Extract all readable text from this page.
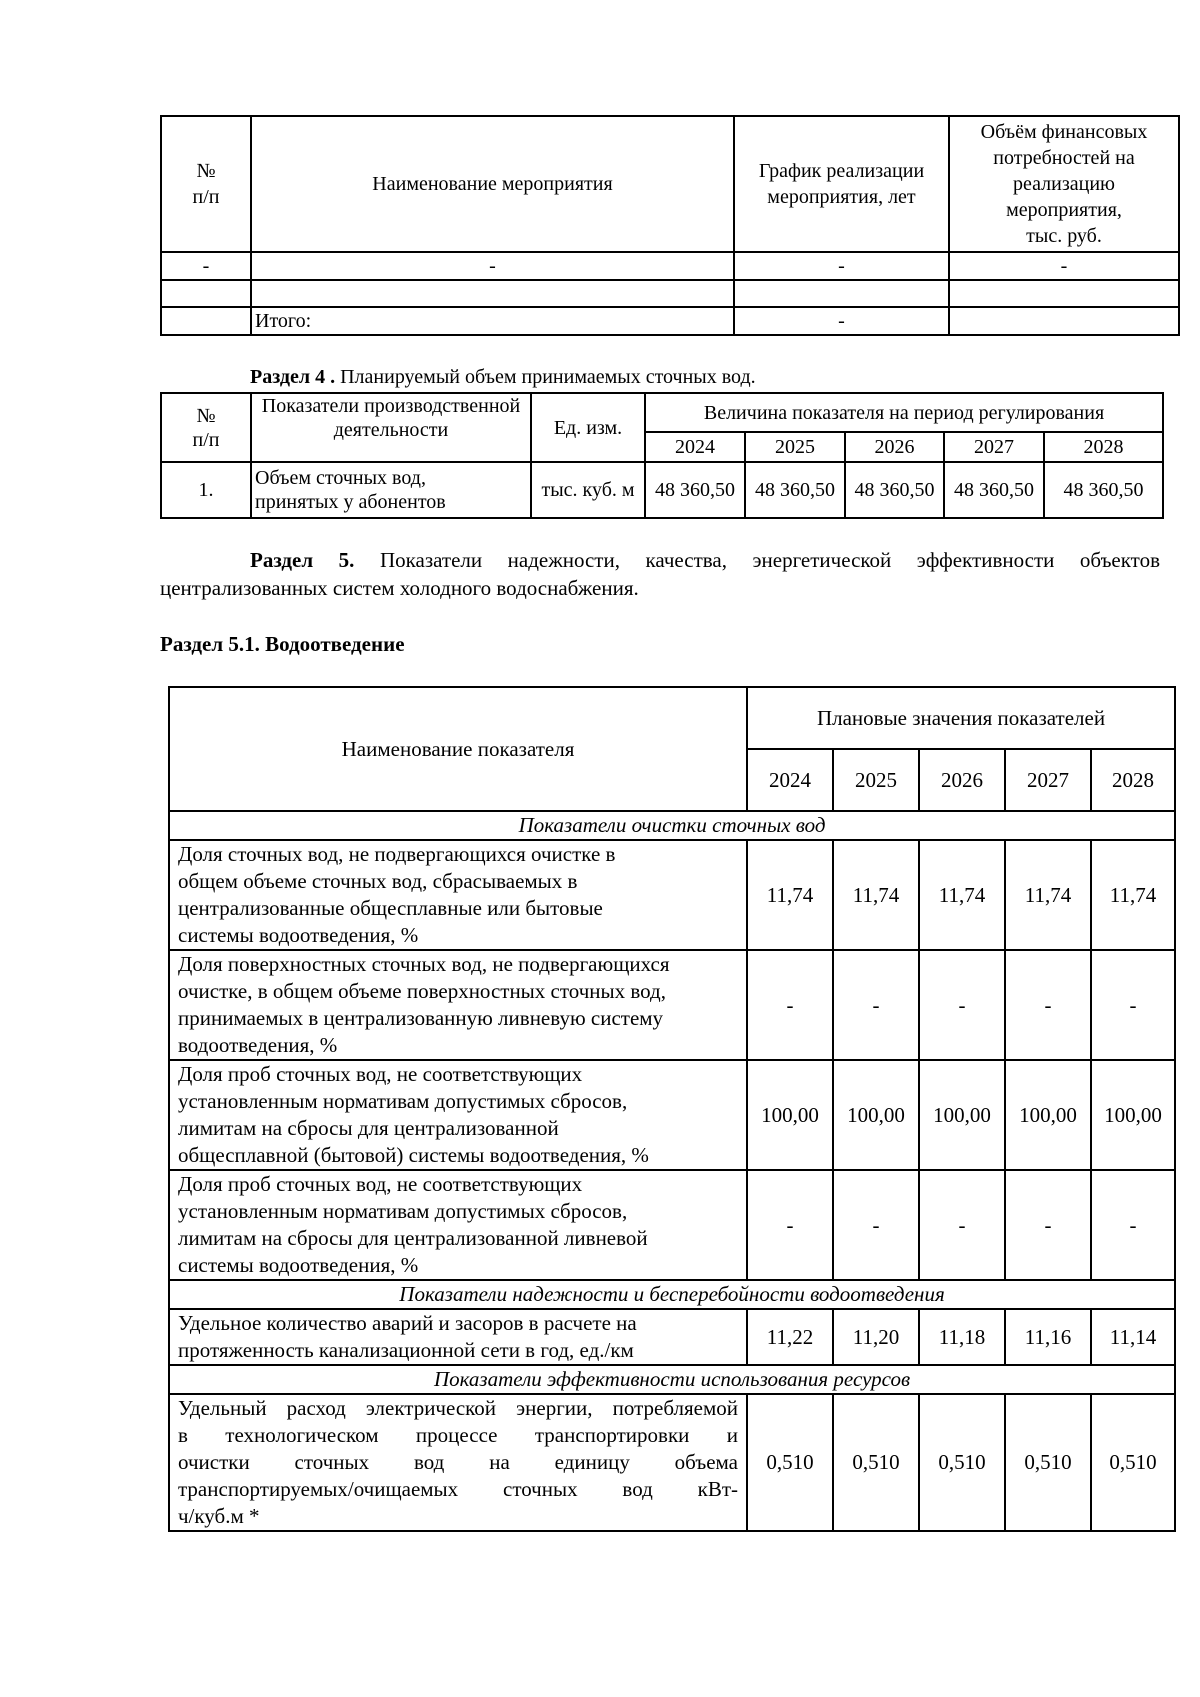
№
п/п	Наименование мероприятия	График реализации
мероприятия, лет	Объём финансовых
потребностей на
реализацию
мероприятия,
тыс. руб.
-	-	-	-

	Итого:	-	
Раздел 4 . Планируемый объем принимаемых сточных вод.
№
п/п	Показатели производственной
деятельности	Ед. изм.	Величина показателя на период регулирования				
			2024	2025	2026	2027	2028
1.	Объем сточных вод,
принятых у абонентов	тыс. куб. м	48 360,50	48 360,50	48 360,50	48 360,50	48 360,50
Раздел 5. Показатели надежности, качества, энергетической эффективности объектов
централизованных систем холодного водоснабжения.
Раздел 5.1. Водоотведение
Наименование показателя	Плановые значения показателей				
	2024	2025	2026	2027	2028
Показатели очистки сточных вод					
Доля сточных вод, не подвергающихся очистке в
общем объеме сточных вод, сбрасываемых в
централизованные общесплавные или бытовые
системы водоотведения, %	11,74	11,74	11,74	11,74	11,74
Доля поверхностных сточных вод, не подвергающихся
очистке, в общем объеме поверхностных сточных вод,
принимаемых в централизованную ливневую систему
водоотведения, %	-	-	-	-	-
Доля проб сточных вод, не соответствующих
установленным нормативам допустимых сбросов,
лимитам на сбросы для централизованной
общесплавной (бытовой) системы водоотведения, %	100,00	100,00	100,00	100,00	100,00
Доля проб сточных вод, не соответствующих
установленным нормативам допустимых сбросов,
лимитам на сбросы для централизованной ливневой
системы водоотведения, %	-	-	-	-	-
Показатели надежности и бесперебойности водоотведения					
Удельное количество аварий и засоров в расчете на
протяженность канализационной сети в год, ед./км	11,22	11,20	11,18	11,16	11,14
Показатели эффективности использования ресурсов					

Удельный расход электрической энергии, потребляемой
в технологическом процессе транспортировки и
очистки сточных вод на единицу объема
транспортируемых/очищаемых сточных вод кВт-
ч/куб.м *	0,510	0,510	0,510	0,510	0,510
